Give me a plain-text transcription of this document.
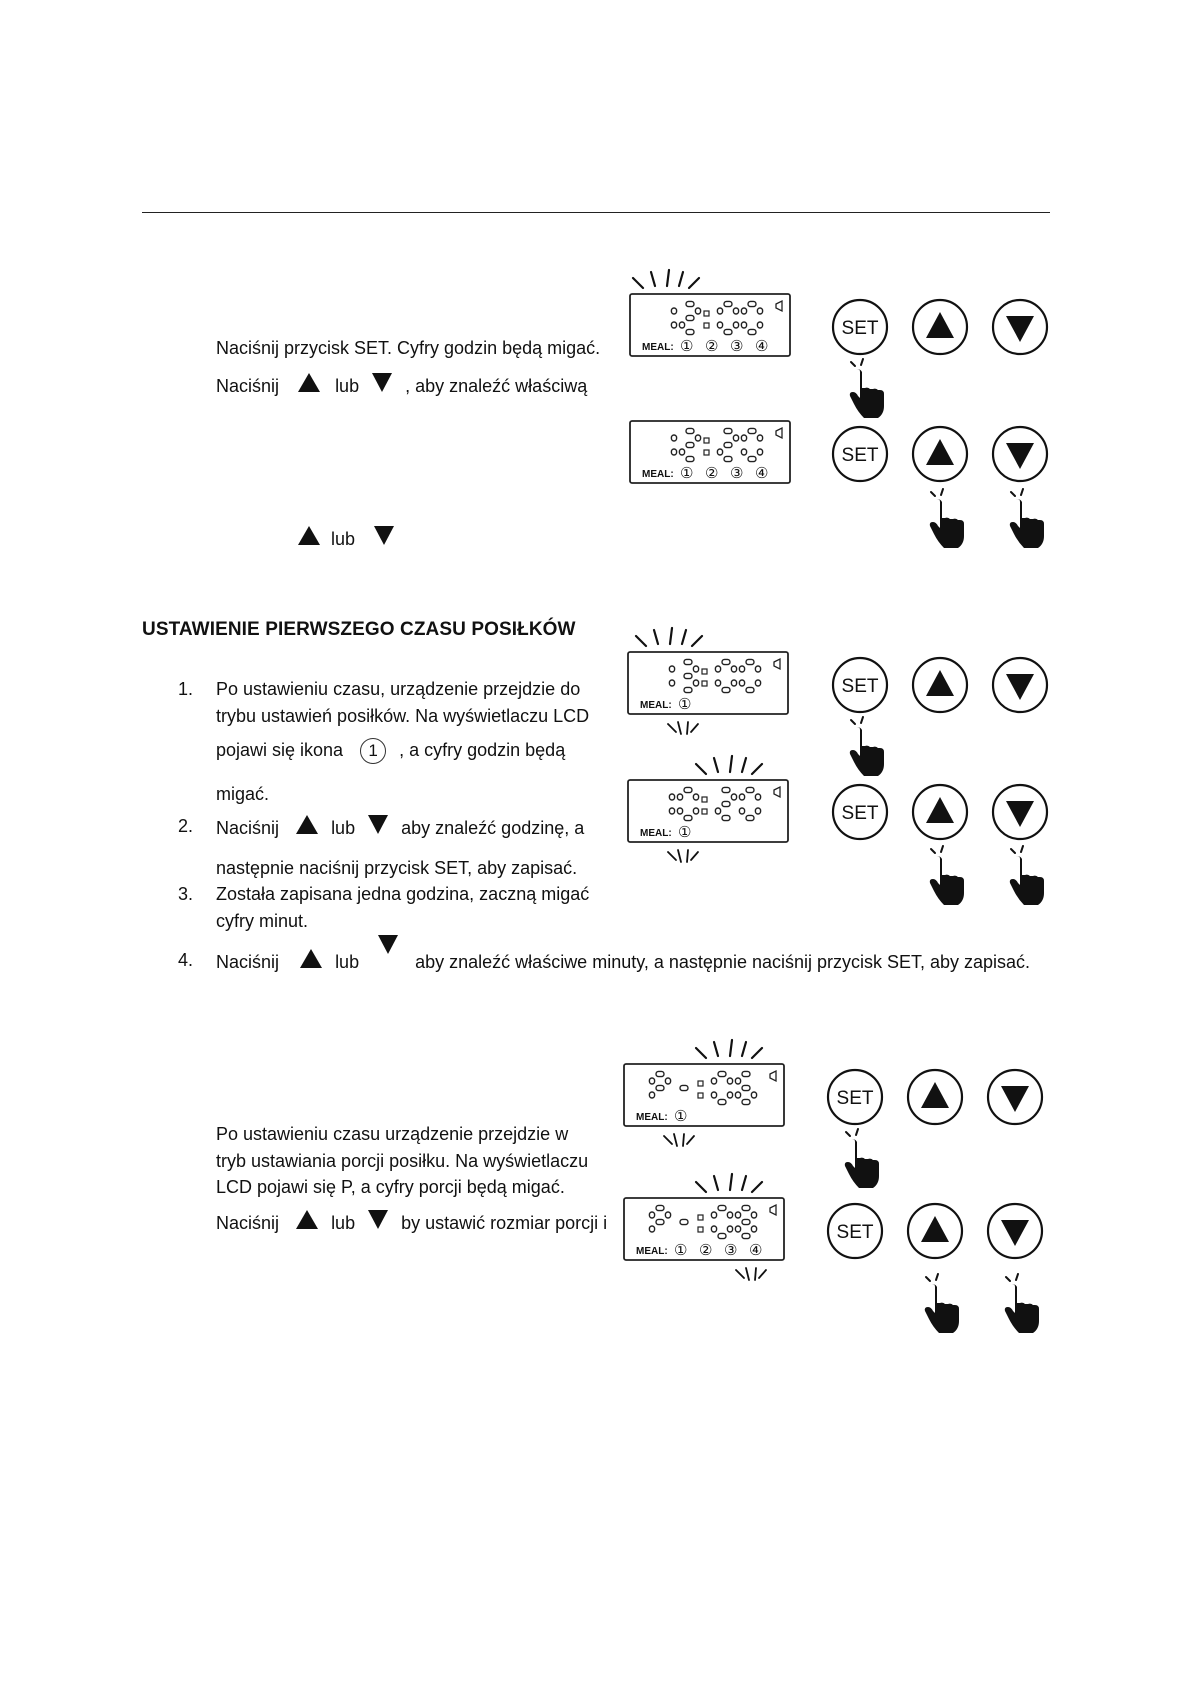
Naciśnij przycisk SET. Cyfry godzin będą migać.
Naciśnij	lub	, aby znaleźć właściwą
lub
USTAWIENIE PIERWSZEGO CZASU POSIŁKÓW
1. Po ustawieniu czasu, urządzenie przejdzie do
trybu ustawień posiłków. Na wyświetlaczu LCD
pojawi się ikona 1 , a cyfry godzin będą
migać.
2. Naciśnij	lub	aby znaleźć godzinę, a
następnie naciśnij przycisk SET, aby zapisać.
3. Została zapisana jedna godzina, zaczną migać
cyfry minut.
4. Naciśnij	lub	aby znaleźć właściwe minuty, a następnie naciśnij przycisk SET, aby zapisać.
Po ustawieniu czasu urządzenie przejdzie w
tryb ustawiania porcji posiłku. Na wyświetlaczu
LCD pojawi się P, a cyfry porcji będą migać.
Naciśnij	lub	by ustawić rozmiar porcji i
MEAL: ① ② ③ ④
SET
MEAL: ① ② ③ ④
SET
MEAL: ①
SET
MEAL: ①
SET
MEAL: ①
SET
MEAL: ① ② ③ ④
SET
